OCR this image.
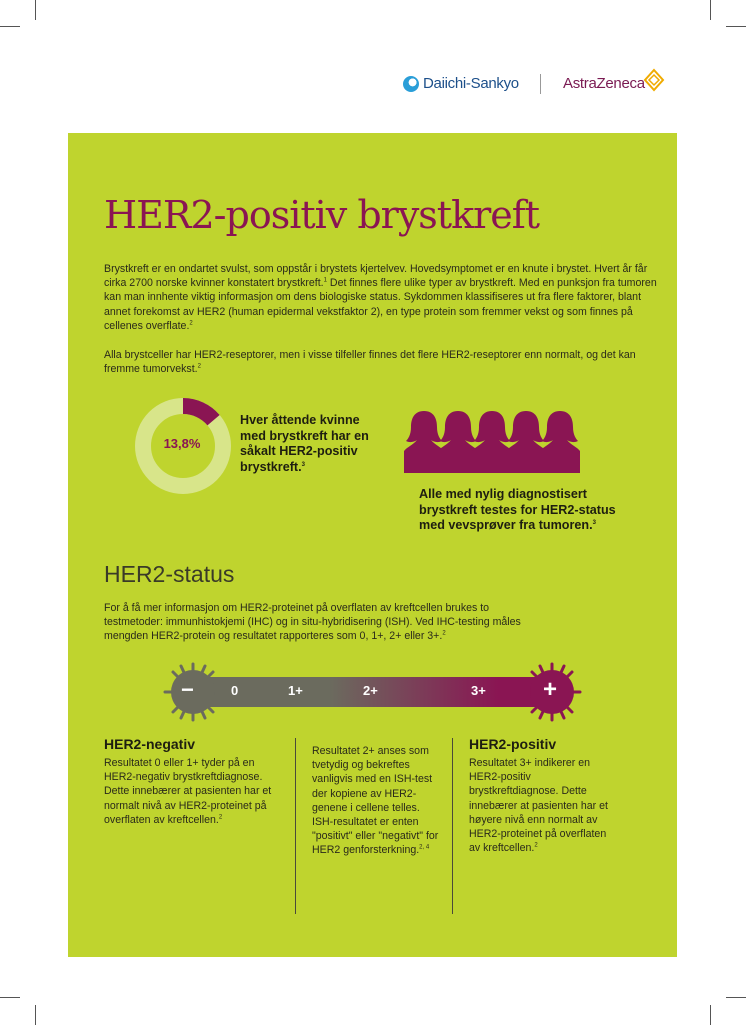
Daiichi-Sankyo	AstraZeneca
HER2-positiv brystkreft

Brystkreft er en ondartet svulst, som oppstår i brystets kjertelvev. Hovedsymptomet er en knute i brystet. Hvert år får cirka 2700 norske kvinner konstatert brystkreft.$^1$ Det finnes flere ulike typer av brystkreft. Med en punksjon fra tumoren kan man innhente viktig informasjon om dens biologiske status. Sykdommen klassifiseres ut fra flere faktorer, blant annet forekomst av HER2 (human epidermal vekstfaktor 2), en type protein som fremmer vekst og som finnes på cellenes overflate.$^2$

Alla brystceller har HER2-reseptorer, men i visse tilfeller finnes det flere HER2-reseptorer enn normalt, og det kan fremme tumorvekst.$^2$

13,8%

Hver åttende kvinne med brystkreft har en såkalt HER2-positiv brystkreft.$^3$

Alle med nylig diagnostisert brystkreft testes for HER2-status med vevsprøver fra tumoren.$^3$

HER2-status

For å få mer informasjon om HER2-proteinet på overflaten av kreftcellen brukes to testmetoder: immunhistokjemi (IHC) og in situ-hybridisering (ISH). Ved IHC-testing måles mengden HER2-protein og resultatet rapporteres som 0, 1+, 2+ eller 3+.$^2$

−	+
0	1+	2+	3+
HER2-negativ

Resultatet 0 eller 1+ tyder på en HER2-negativ brystkreftdiagnose. Dette innebærer at pasienten har et normalt nivå av HER2-proteinet på overflaten av kreftcellen.$^2$

Resultatet 2+ anses som tvetydig og bekreftes vanligvis med en ISH-test der kopiene av HER2-genene i cellene telles. ISH-resultatet er enten "positivt" eller "negativt" for HER2 genforsterkning.$^{2, 4}$

HER2-positiv

Resultatet 3+ indikerer en HER2-positiv brystkreftdiagnose. Dette innebærer at pasienten har et høyere nivå enn normalt av HER2-proteinet på overflaten av kreftcellen.$^2$
